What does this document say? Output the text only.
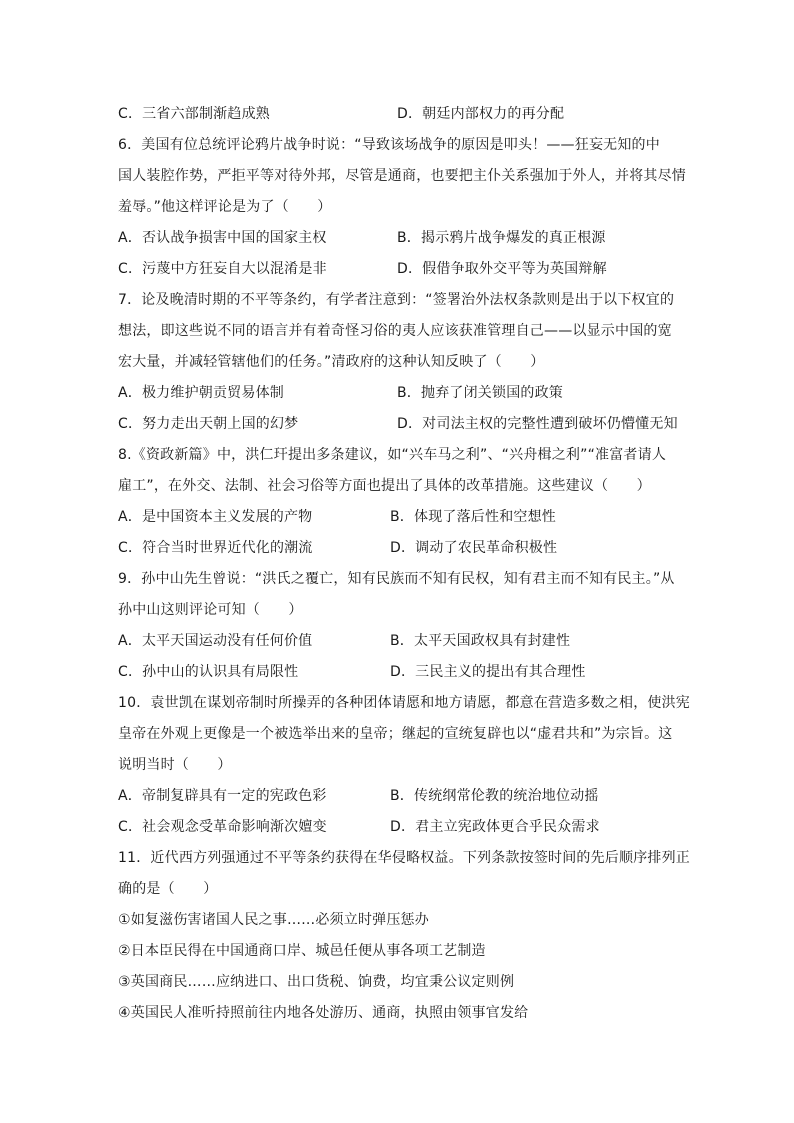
C．三省六部制渐趋成熟	D．朝廷内部权力的再分配
6．美国有位总统评论鸦片战争时说：“导致该场战争的原因是叩头！——狂妄无知的中
国人装腔作势，严拒平等对待外邦，尽管是通商，也要把主仆关系强加于外人，并将其尽情
羞辱。”他这样评论是为了（　　）
A．否认战争损害中国的国家主权	B．揭示鸦片战争爆发的真正根源
C．污蔑中方狂妄自大以混淆是非	D．假借争取外交平等为英国辩解
7．论及晚清时期的不平等条约，有学者注意到：“签署治外法权条款则是出于以下权宜的
想法，即这些说不同的语言并有着奇怪习俗的夷人应该获准管理自己——以显示中国的宽
宏大量，并减轻管辖他们的任务。”清政府的这种认知反映了（　　）
A．极力维护朝贡贸易体制	B．抛弃了闭关锁国的政策
C．努力走出天朝上国的幻梦	D．对司法主权的完整性遭到破坏仍懵懂无知
8.《资政新篇》中，洪仁玕提出多条建议，如“兴车马之利”、“兴舟楫之利”“准富者请人
雇工”，在外交、法制、社会习俗等方面也提出了具体的改革措施。这些建议（　　）
A．是中国资本主义发展的产物	B．体现了落后性和空想性
C．符合当时世界近代化的潮流	D．调动了农民革命积极性
9．孙中山先生曾说：“洪氏之覆亡，知有民族而不知有民权，知有君主而不知有民主。”从
孙中山这则评论可知（　　）
A．太平天国运动没有任何价值	B．太平天国政权具有封建性
C．孙中山的认识具有局限性	D．三民主义的提出有其合理性
10．袁世凯在谋划帝制时所操弄的各种团体请愿和地方请愿，都意在营造多数之相，使洪宪
皇帝在外观上更像是一个被选举出来的皇帝；继起的宣统复辟也以“虚君共和”为宗旨。这
说明当时（　　）
A．帝制复辟具有一定的宪政色彩	B．传统纲常伦教的统治地位动摇
C．社会观念受革命影响渐次嬗变	D．君主立宪政体更合乎民众需求
11．近代西方列强通过不平等条约获得在华侵略权益。下列条款按签时间的先后顺序排列正
确的是（　　）
①如复滋伤害诸国人民之事……必须立时弹压惩办
②日本臣民得在中国通商口岸、城邑任便从事各项工艺制造
③英国商民……应纳进口、出口货税、饷费，均宜秉公议定则例
④英国民人准听持照前往内地各处游历、通商，执照由领事官发给
